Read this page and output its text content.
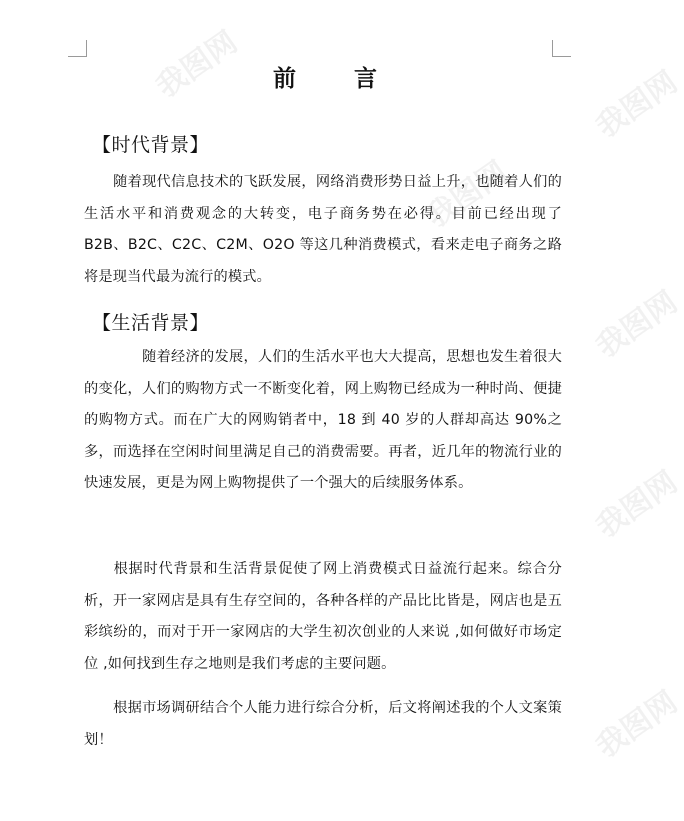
我图网
我图网
我图网
我图网
我图网
我图网
前	言
【时代背景】
随着现代信息技术的飞跃发展，网络消费形势日益上升，也随着人们的生活水平和消费观念的大转变，电子商务势在必得。目前已经出现了 B2B、B2C、C2C、C2M、O2O 等这几种消费模式，看来走电子商务之路将是现当代最为流行的模式。
【生活背景】
随着经济的发展，人们的生活水平也大大提高，思想也发生着很大的变化，人们的购物方式一不断变化着，网上购物已经成为一种时尚、便捷的购物方式。而在广大的网购销者中，18 到 40 岁的人群却高达 90%之多，而选择在空闲时间里满足自己的消费需要。再者，近几年的物流行业的快速发展，更是为网上购物提供了一个强大的后续服务体系。
根据时代背景和生活背景促使了网上消费模式日益流行起来。综合分析，开一家网店是具有生存空间的，各种各样的产品比比皆是，网店也是五彩缤纷的，而对于开一家网店的大学生初次创业的人来说 ,如何做好市场定位 ,如何找到生存之地则是我们考虑的主要问题。
根据市场调研结合个人能力进行综合分析，后文将阐述我的个人文案策划！
